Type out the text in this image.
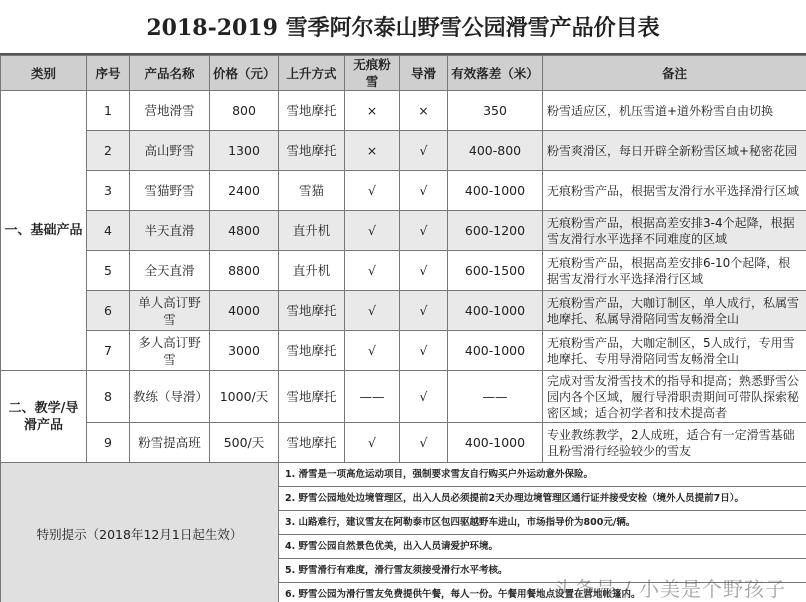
2018-2019 雪季阿尔泰山野雪公园滑雪产品价目表
类别	序号	产品名称	价格（元）	上升方式	无痕粉雪	导滑	有效落差（米）	备注
一、基础产品	1	营地滑雪	800	雪地摩托	×	×	350	粉雪适应区，机压雪道+道外粉雪自由切换
	2	高山野雪	1300	雪地摩托	×	√	400-800	粉雪爽滑区，每日开辟全新粉雪区域+秘密花园
	3	雪猫野雪	2400	雪猫	√	√	400-1000	无痕粉雪产品，根据雪友滑行水平选择滑行区域
	4	半天直滑	4800	直升机	√	√	600-1200	无痕粉雪产品，根据高差安排3-4个起降，根据雪友滑行水平选择不同难度的区域
	5	全天直滑	8800	直升机	√	√	600-1500	无痕粉雪产品，根据高差安排6-10个起降，根据雪友滑行水平选择滑行区域
	6	单人高订野雪	4000	雪地摩托	√	√	400-1000	无痕粉雪产品，大咖订制区，单人成行，私属雪地摩托、私属导滑陪同雪友畅滑全山
	7	多人高订野雪	3000	雪地摩托	√	√	400-1000	无痕粉雪产品，大咖定制区，5人成行，专用雪地摩托、专用导滑陪同雪友畅滑全山
二、教学/导滑产品	8	教练（导滑）	1000/天	雪地摩托	——	√	——	完成对雪友滑雪技术的指导和提高；熟悉野雪公园内各个区域，履行导滑职责期间可带队探索秘密区域；适合初学者和技术提高者
	9	粉雪提高班	500/天	雪地摩托	√	√	400-1000	专业教练教学，2人成班，适合有一定滑雪基础且粉雪滑行经验较少的雪友
特别提示（2018年12月1日起生效）				1. 滑雪是一项高危运动项目，强制要求雪友自行购买户外运动意外保险。				
				2. 野雪公园地处边境管理区，出入人员必须提前2天办理边境管理区通行证并接受安检（境外人员提前7日）。				
				3. 山路难行，建议雪友在阿勒泰市区包四驱越野车进山，市场指导价为800元/辆。				
				4. 野雪公园自然景色优美，出入人员请爱护环境。				
				5. 野雪滑行有难度，滑行雪友须接受滑行水平考核。				
				6. 野雪公园为滑行雪友免费提供午餐，每人一份。午餐用餐地点设置在营地帐篷内。				
头条号 / 小美是个野孩子
